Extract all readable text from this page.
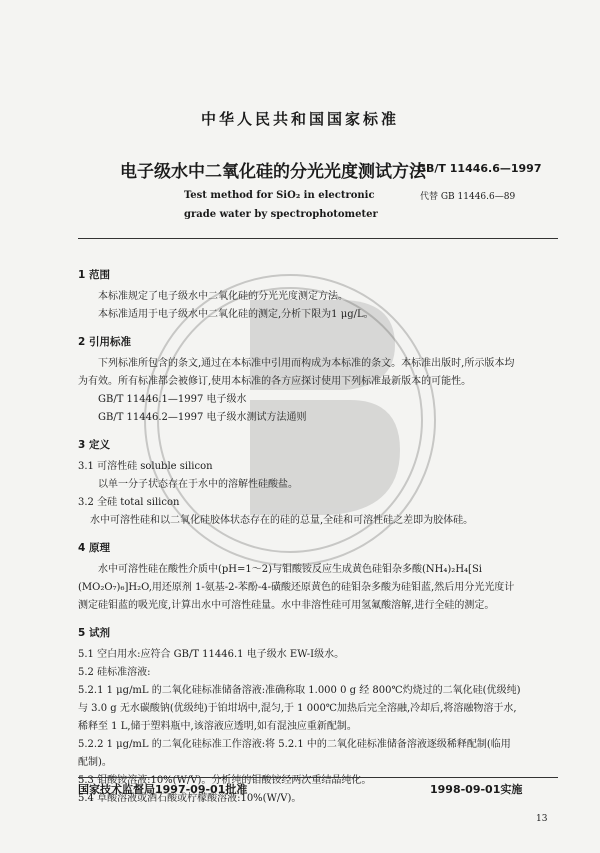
中华人民共和国国家标准
电子级水中二氧化硅的分光光度测试方法
GB/T 11446.6—1997
Test method for SiO₂ in electronic
grade water by spectrophotometer
代替 GB 11446.6—89

1 范围

本标准规定了电子级水中二氧化硅的分光光度测定方法。

本标准适用于电子级水中二氧化硅的测定,分析下限为1 μg/L。

2 引用标准

下列标准所包含的条文,通过在本标准中引用而构成为本标准的条文。本标准出版时,所示版本均

为有效。所有标准都会被修订,使用本标准的各方应探讨使用下列标准最新版本的可能性。

GB/T 11446.1—1997 电子级水

GB/T 11446.2—1997 电子级水测试方法通则

3 定义

3.1 可溶性硅 soluble silicon

以单一分子状态存在于水中的溶解性硅酸盐。

3.2 全硅 total silicon

水中可溶性硅和以二氧化硅胶体状态存在的硅的总量,全硅和可溶性硅之差即为胶体硅。

4 原理

水中可溶性硅在酸性介质中(pH=1～2)与钼酸铵反应生成黄色硅钼杂多酸(NH₄)₂H₄[Si

(MO₂O₇)₆]H₂O,用还原剂 1-氨基-2-苯酚-4-磺酸还原黄色的硅钼杂多酸为硅钼蓝,然后用分光光度计

测定硅钼蓝的吸光度,计算出水中可溶性硅量。水中非溶性硅可用氢氟酸溶解,进行全硅的测定。

5 试剂

5.1 空白用水:应符合 GB/T 11446.1 电子级水 EW-Ⅰ级水。

5.2 硅标准溶液:

5.2.1 1 μg/mL 的二氧化硅标准储备溶液:准确称取 1.000 0 g 经 800℃灼烧过的二氧化硅(优级纯)

与 3.0 g 无水碳酸钠(优级纯)于铂坩埚中,混匀,于 1 000℃加热后完全溶融,冷却后,将溶融物溶于水,

稀释至 1 L,储于塑料瓶中,该溶液应透明,如有混浊应重新配制。

5.2.2 1 μg/mL 的二氧化硅标准工作溶液:将 5.2.1 中的二氧化硅标准储备溶液逐级稀释配制(临用

配制)。

5.3 钼酸铵溶液:10%(W/V)。分析纯的钼酸铵经两次重结晶纯化。

5.4 草酸溶液或酒石酸或柠檬酸溶液:10%(W/V)。

国家技术监督局1997-09-01批准	1998-09-01实施
13
